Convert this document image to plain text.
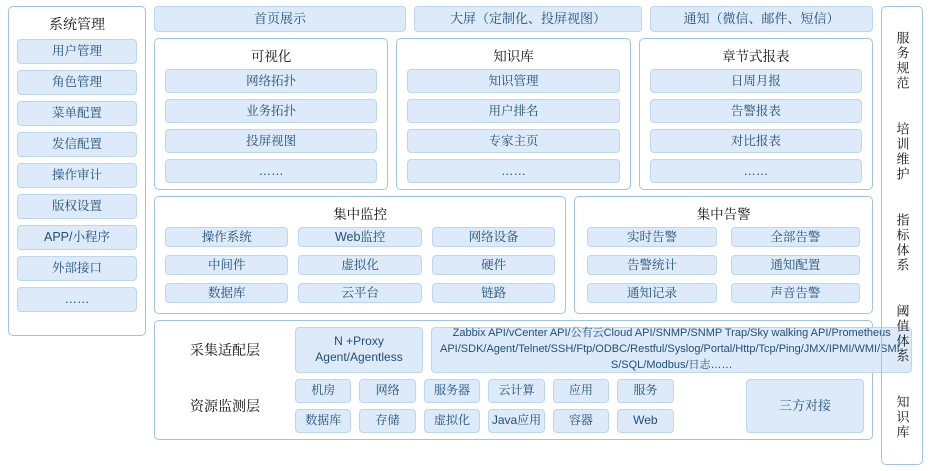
系统管理
用户管理
角色管理
菜单配置
发信配置
操作审计
版权设置
APP/小程序
外部接口
……
首页展示	大屏（定制化、投屏视图）	通知（微信、邮件、短信）
可视化
网络拓扑
业务拓扑
投屏视图
……
知识库
知识管理
用户排名
专家主页
……
章节式报表
日周月报
告警报表
对比报表
……
集中监控
操作系统	Web监控	网络设备
中间件	虚拟化	硬件
数据库	云平台	链路
集中告警
实时告警	全部告警
告警统计	通知配置
通知记录	声音告警
采集适配层
N +Proxy Agent/Agentless
Zabbix API/vCenter API/公有云Cloud API/SNMP/SNMP Trap/Sky walking API/Prometheus API/SDK/Agent/Telnet/SSH/Ftp/ODBC/Restful/Syslog/Portal/Http/Tcp/Ping/JMX/IPMI/WMI/SMI-S/SQL/Modbus/日志……
资源监测层
机房	网络	服务器	云计算	应用	服务
数据库	存储	虚拟化	Java应用	容器	Web
三方对接
服务规范
培训维护
指标体系
阈值体系
知识库
